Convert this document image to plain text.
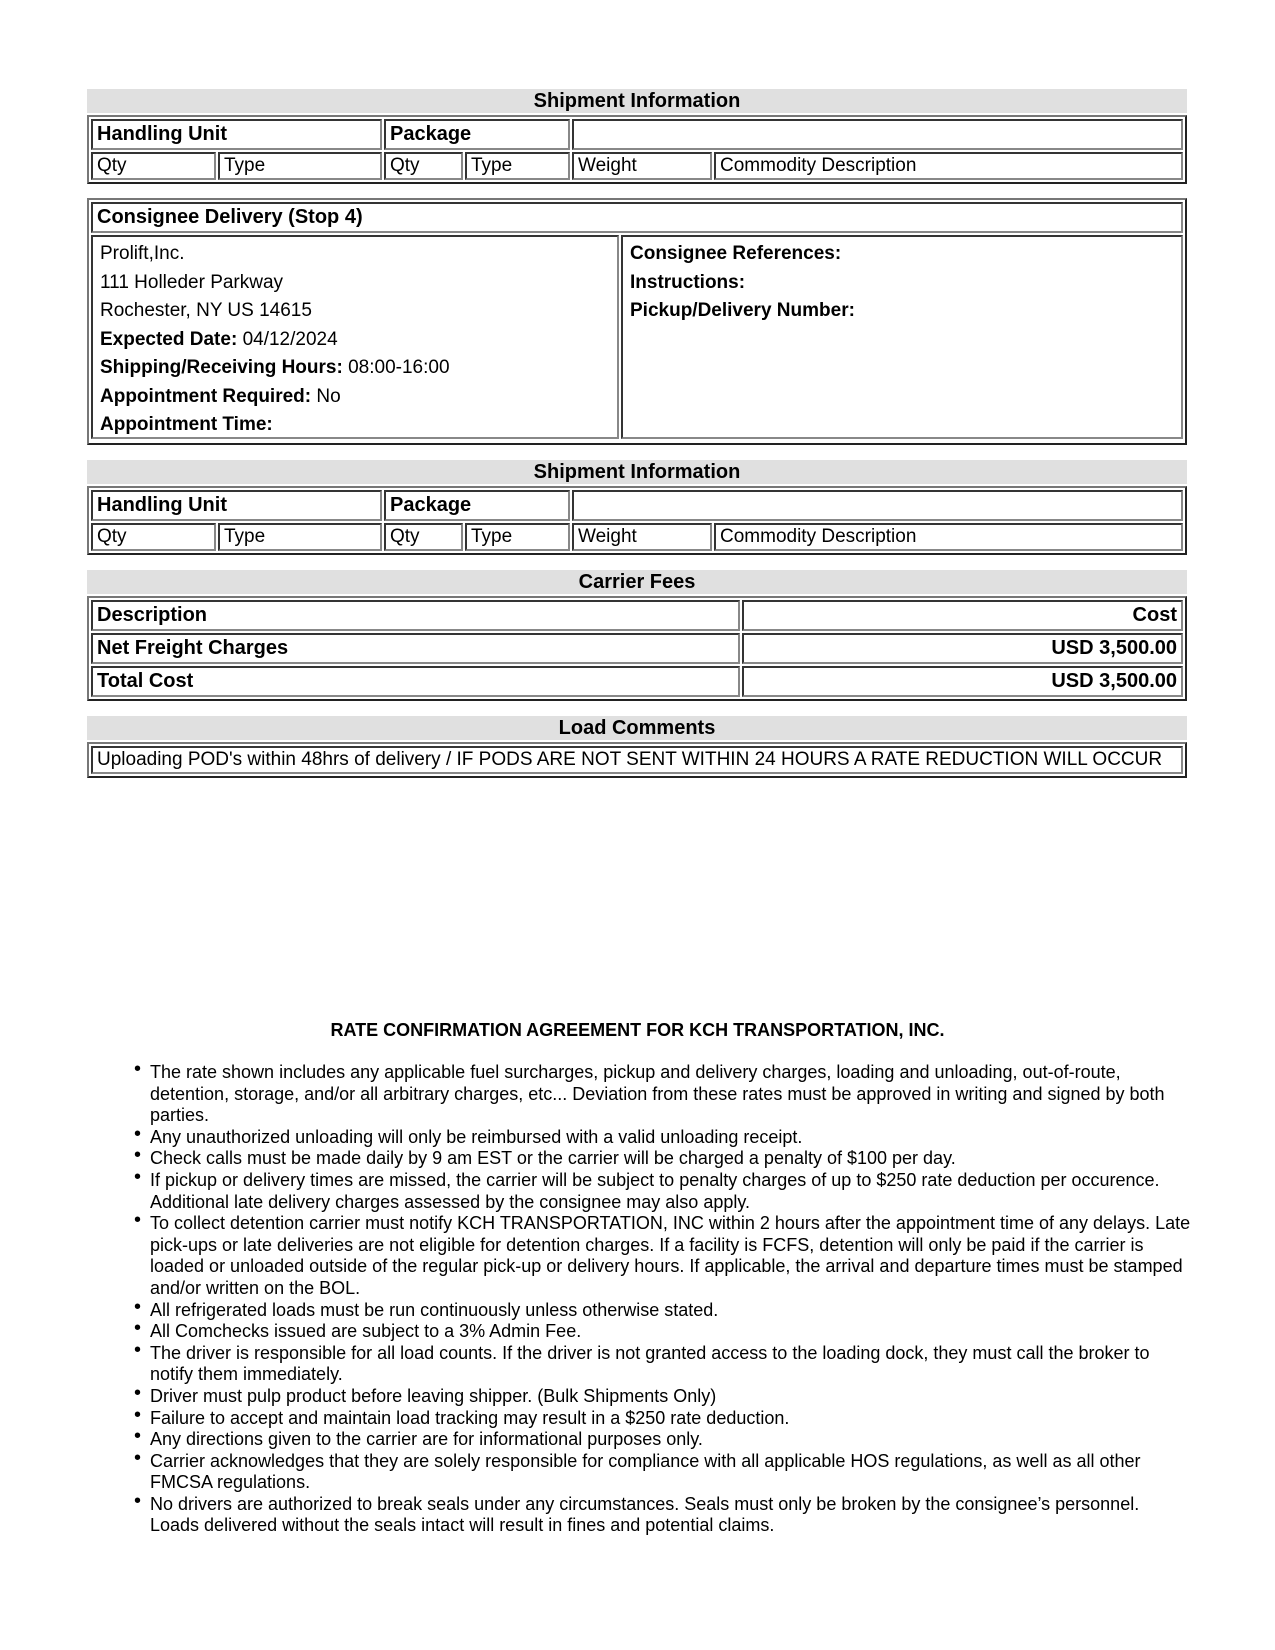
Shipment Information
Handling Unit	Package
Qty	Type	Qty	Type	Weight	Commodity Description
Consignee Delivery (Stop 4)
Prolift,Inc.
111 Holleder Parkway
Rochester, NY US 14615
Expected Date: 04/12/2024
Shipping/Receiving Hours: 08:00-16:00
Appointment Required: No
Appointment Time:
Consignee References:
Instructions:
Pickup/Delivery Number:
Shipment Information
Handling Unit	Package
Qty	Type	Qty	Type	Weight	Commodity Description
Carrier Fees
Description	Cost
Net Freight Charges	USD 3,500.00
Total Cost	USD 3,500.00
Load Comments
Uploading POD's within 48hrs of delivery / IF PODS ARE NOT SENT WITHIN 24 HOURS A RATE REDUCTION WILL OCCUR
RATE CONFIRMATION AGREEMENT FOR KCH TRANSPORTATION, INC.
• The rate shown includes any applicable fuel surcharges, pickup and delivery charges, loading and unloading, out-of-route, detention, storage, and/or all arbitrary charges, etc... Deviation from these rates must be approved in writing and signed by both parties.
• Any unauthorized unloading will only be reimbursed with a valid unloading receipt.
• Check calls must be made daily by 9 am EST or the carrier will be charged a penalty of $100 per day.
• If pickup or delivery times are missed, the carrier will be subject to penalty charges of up to $250 rate deduction per occurence. Additional late delivery charges assessed by the consignee may also apply.
• To collect detention carrier must notify KCH TRANSPORTATION, INC within 2 hours after the appointment time of any delays. Late pick-ups or late deliveries are not eligible for detention charges. If a facility is FCFS, detention will only be paid if the carrier is loaded or unloaded outside of the regular pick-up or delivery hours. If applicable, the arrival and departure times must be stamped and/or written on the BOL.
• All refrigerated loads must be run continuously unless otherwise stated.
• All Comchecks issued are subject to a 3% Admin Fee.
• The driver is responsible for all load counts. If the driver is not granted access to the loading dock, they must call the broker to notify them immediately.
• Driver must pulp product before leaving shipper. (Bulk Shipments Only)
• Failure to accept and maintain load tracking may result in a $250 rate deduction.
• Any directions given to the carrier are for informational purposes only.
• Carrier acknowledges that they are solely responsible for compliance with all applicable HOS regulations, as well as all other FMCSA regulations.
• No drivers are authorized to break seals under any circumstances. Seals must only be broken by the consignee’s personnel. Loads delivered without the seals intact will result in fines and potential claims.
